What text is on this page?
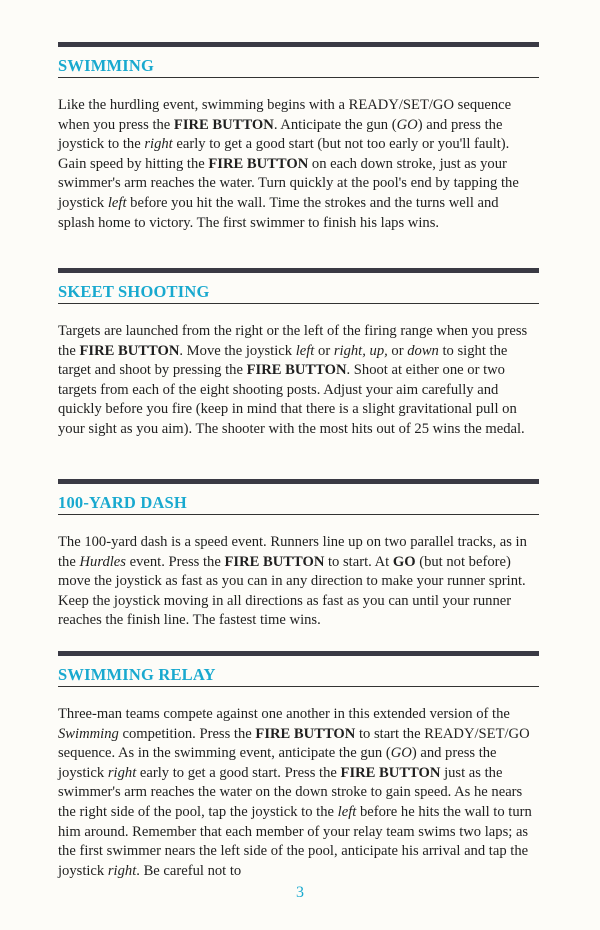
SWIMMING

Like the hurdling event, swimming begins with a READY/SET/GO sequence when you press the FIRE BUTTON. Anticipate the gun (GO) and press the joystick to the right early to get a good start (but not too early or you'll fault). Gain speed by hitting the FIRE BUTTON on each down stroke, just as your swimmer's arm reaches the water. Turn quickly at the pool's end by tapping the joystick left before you hit the wall. Time the strokes and the turns well and splash home to victory. The first swimmer to finish his laps wins.

SKEET SHOOTING

Targets are launched from the right or the left of the firing range when you press the FIRE BUTTON. Move the joystick left or right, up, or down to sight the target and shoot by pressing the FIRE BUTTON. Shoot at either one or two targets from each of the eight shooting posts. Adjust your aim carefully and quickly before you fire (keep in mind that there is a slight gravitational pull on your sight as you aim). The shooter with the most hits out of 25 wins the medal.

100-YARD DASH

The 100-yard dash is a speed event. Runners line up on two parallel tracks, as in the Hurdles event. Press the FIRE BUTTON to start. At GO (but not before) move the joystick as fast as you can in any direction to make your runner sprint. Keep the joystick moving in all directions as fast as you can until your runner reaches the finish line. The fastest time wins.

SWIMMING RELAY

Three-man teams compete against one another in this extended version of the Swimming competition. Press the FIRE BUTTON to start the READY/SET/GO sequence. As in the swimming event, anticipate the gun (GO) and press the joystick right early to get a good start. Press the FIRE BUTTON just as the swimmer's arm reaches the water on the down stroke to gain speed. As he nears the right side of the pool, tap the joystick to the left before he hits the wall to turn him around. Remember that each member of your relay team swims two laps; as the first swimmer nears the left side of the pool, anticipate his arrival and tap the joystick right. Be careful not to

3
